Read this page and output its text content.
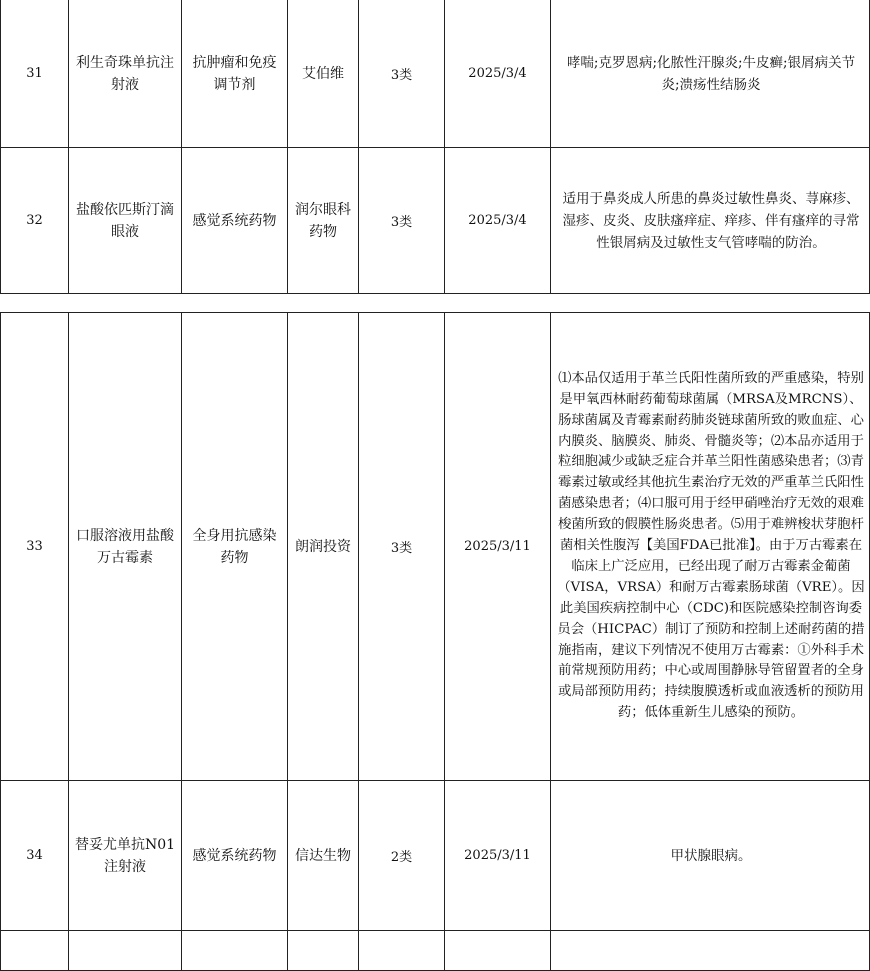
31	利生奇珠单抗注射液	抗肿瘤和免疫调节剂	艾伯维	3类	2025/3/4	哮喘;克罗恩病;化脓性汗腺炎;牛皮癣;银屑病关节炎;溃疡性结肠炎
32	盐酸依匹斯汀滴眼液	感觉系统药物	润尔眼科药物	3类	2025/3/4	适用于鼻炎成人所患的鼻炎过敏性鼻炎、荨麻疹、湿疹、皮炎、皮肤瘙痒症、痒疹、伴有瘙痒的寻常性银屑病及过敏性支气管哮喘的防治。
33	口服溶液用盐酸万古霉素	全身用抗感染药物	朗润投资	3类	2025/3/11	⑴本品仅适用于革兰氏阳性菌所致的严重感染，特别是甲氧西林耐药葡萄球菌属（MRSA及MRCNS）、肠球菌属及青霉素耐药肺炎链球菌所致的败血症、心内膜炎、脑膜炎、肺炎、骨髓炎等；⑵本品亦适用于粒细胞减少或缺乏症合并革兰阳性菌感染患者；⑶青霉素过敏或经其他抗生素治疗无效的严重革兰氏阳性菌感染患者；⑷口服可用于经甲硝唑治疗无效的艰难梭菌所致的假膜性肠炎患者。⑸用于难辨梭状芽胞杆菌相关性腹泻【美国FDA已批准】。由于万古霉素在临床上广泛应用，已经出现了耐万古霉素金葡菌（VISA，VRSA）和耐万古霉素肠球菌（VRE）。因此美国疾病控制中心（CDC)和医院感染控制咨询委员会（HICPAC）制订了预防和控制上述耐药菌的措施指南，建议下列情况不使用万古霉素：①外科手术前常规预防用药；中心或周围静脉导管留置者的全身或局部预防用药；持续腹膜透析或血液透析的预防用药；低体重新生儿感染的预防。
34	替妥尤单抗N01注射液	感觉系统药物	信达生物	2类	2025/3/11	甲状腺眼病。
